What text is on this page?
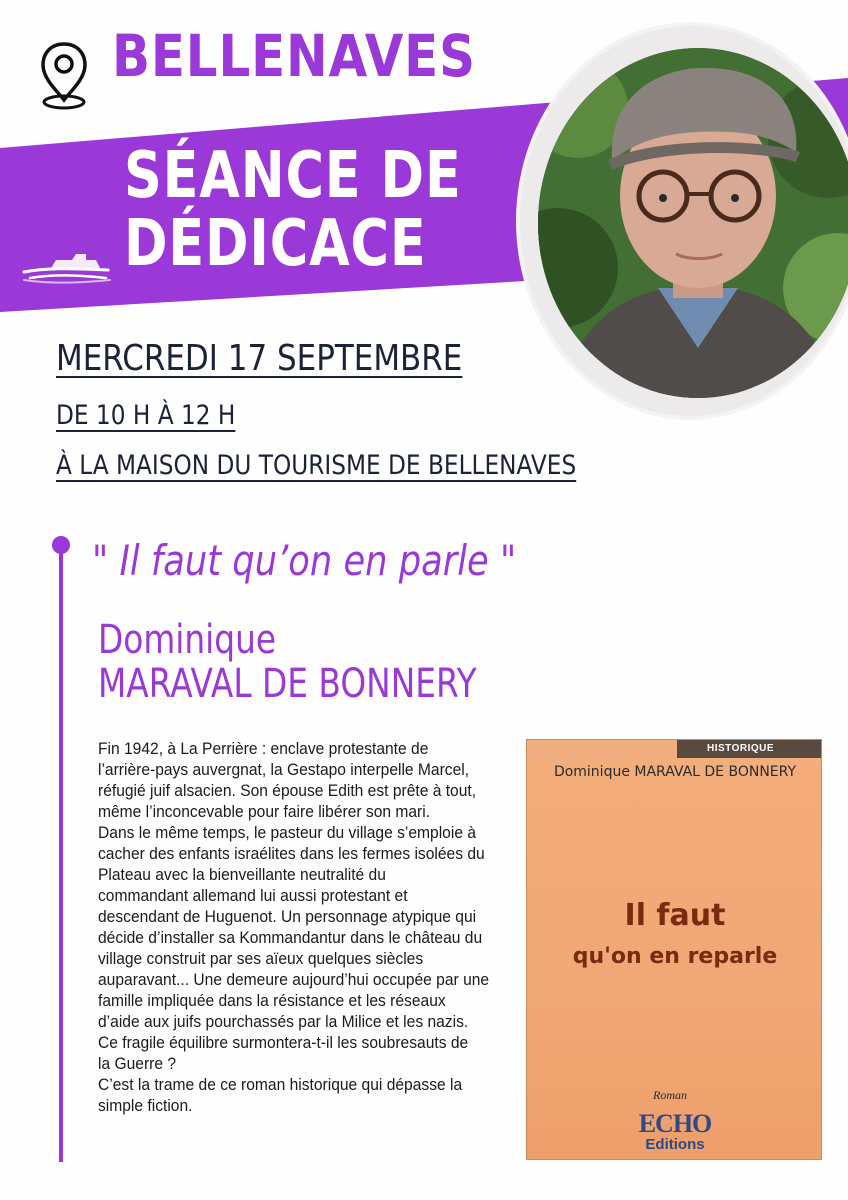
BELLENAVES
SÉANCE DE
DÉDICACE
MERCREDI 17 SEPTEMBRE
DE 10 H À 12 H
À LA MAISON DU TOURISME DE BELLENAVES
" Il faut qu’on en parle "
Dominique
MARAVAL DE BONNERY

Fin 1942, à La Perrière : enclave protestante de

l’arrière-pays auvergnat, la Gestapo interpelle Marcel,

réfugié juif alsacien. Son épouse Edith est prête à tout,

même l’inconcevable pour faire libérer son mari.

Dans le même temps, le pasteur du village s’emploie à

cacher des enfants israélites dans les fermes isolées du

Plateau avec la bienveillante neutralité du

commandant allemand lui aussi protestant et

descendant de Huguenot. Un personnage atypique qui

décide d’installer sa Kommandantur dans le château du

village construit par ses aïeux quelques siècles

auparavant... Une demeure aujourd’hui occupée par une

famille impliquée dans la résistance et les réseaux

d’aide aux juifs pourchassés par la Milice et les nazis.

Ce fragile équilibre surmontera-t-il les soubresauts de

la Guerre ?

C’est la trame de ce roman historique qui dépasse la

simple fiction.

HISTORIQUE
Dominique MARAVAL DE BONNERY
Il faut
qu'on en reparle
Roman
ECHO
Editions
